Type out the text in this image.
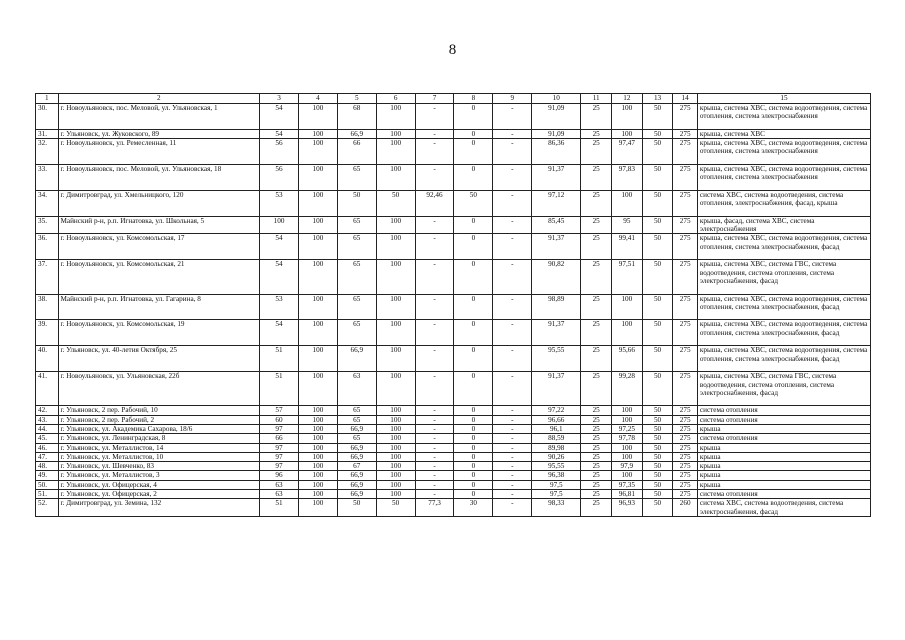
8
1	2	3	4	5	6	7	8	9	10	11	12	13	14	15
30.	г. Новоульяновск, пос. Меловой, ул. Ульяновская, 1	54	100	68	100	-	0	-	91,09	25	100	50	275	крыша, система ХВС, система водоотведения, система отопления, система электроснабжения
31.	г. Ульяновск, ул. Жуковского, 89	54	100	66,9	100	-	0	-	91,09	25	100	50	275	крыша, система ХВС
32.	г. Новоульяновск, ул. Ремесленная, 11	56	100	66	100	-	0	-	86,36	25	97,47	50	275	крыша, система ХВС, система водоотведения, система отопления, система электроснабжения
33.	г. Новоульяновск, пос. Меловой, ул. Ульяновская, 18	56	100	65	100	-	0	-	91,37	25	97,83	50	275	крыша, система ХВС, система водоотведения, система отопления, система электроснабжения
34.	г. Димитровград, ул. Хмельницкого, 120	53	100	50	50	92,46	50	-	97,12	25	100	50	275	система ХВС, система водоотведения, система отопления, электроснабжения, фасад, крыша
35.	Майнский р-н, р.п. Игнатовка, ул. Школьная, 5	100	100	65	100	-	0	-	85,45	25	95	50	275	крыша, фасад, система ХВС, система электроснабжения
36.	г. Новоульяновск, ул. Комсомольская, 17	54	100	65	100	-	0	-	91,37	25	99,41	50	275	крыша, система ХВС, система водоотведения, система отопления, система электроснабжения, фасад
37.	г. Новоульяновск, ул. Комсомольская, 21	54	100	65	100	-	0	-	90,82	25	97,51	50	275	крыша, система ХВС, система ГВС, система водоотведения, система отопления, система электроснабжения, фасад
38.	Майнский р-н, р.п. Игнатовка, ул. Гагарина, 8	53	100	65	100	-	0	-	98,89	25	100	50	275	крыша, система ХВС, система водоотведения, система отопления, система электроснабжения, фасад
39.	г. Новоульяновск, ул. Комсомольская, 19	54	100	65	100	-	0	-	91,37	25	100	50	275	крыша, система ХВС, система водоотведения, система отопления, система электроснабжения, фасад
40.	г. Ульяновск, ул. 40-летия Октября, 25	51	100	66,9	100	-	0	-	95,55	25	95,66	50	275	крыша, система ХВС, система водоотведения, система отопления, система электроснабжения, фасад
41.	г. Новоульяновск, ул. Ульяновская, 22б	51	100	63	100	-	0	-	91,37	25	99,28	50	275	крыша, система ХВС, система ГВС, система водоотведения, система отопления, система электроснабжения, фасад
42.	г. Ульяновск, 2 пер. Рабочий, 10	57	100	65	100	-	0	-	97,22	25	100	50	275	система отопления
43.	г. Ульяновск, 2 пер. Рабочий, 2	60	100	65	100	-	0	-	96,66	25	100	50	275	система отопления
44.	г. Ульяновск, ул. Академика Сахарова, 18/6	97	100	66,9	100	-	0	-	96,1	25	97,25	50	275	крыша
45.	г. Ульяновск, ул. Ленинградская, 8	66	100	65	100	-	0	-	88,59	25	97,78	50	275	система отопления
46.	г. Ульяновск, ул. Металлистов, 14	97	100	66,9	100	-	0	-	89,98	25	100	50	275	крыша
47.	г. Ульяновск, ул. Металлистов, 10	97	100	66,9	100	-	0	-	90,26	25	100	50	275	крыша
48.	г. Ульяновск, ул. Шевченко, 83	97	100	67	100	-	0	-	95,55	25	97,9	50	275	крыша
49.	г. Ульяновск, ул. Металлистов, 3	96	100	66,9	100	-	0	-	96,38	25	100	50	275	крыша
50.	г. Ульяновск, ул. Офицерская, 4	63	100	66,9	100	-	0	-	97,5	25	97,35	50	275	крыша
51.	г. Ульяновск, ул. Офицерская, 2	63	100	66,9	100	-	0	-	97,5	25	96,81	50	275	система отопления
52.	г. Димитровград, ул. Земина, 132	51	100	50	50	77,3	30	-	98,33	25	96,93	50	260	система ХВС, система водоотведения, система электроснабжения, фасад
